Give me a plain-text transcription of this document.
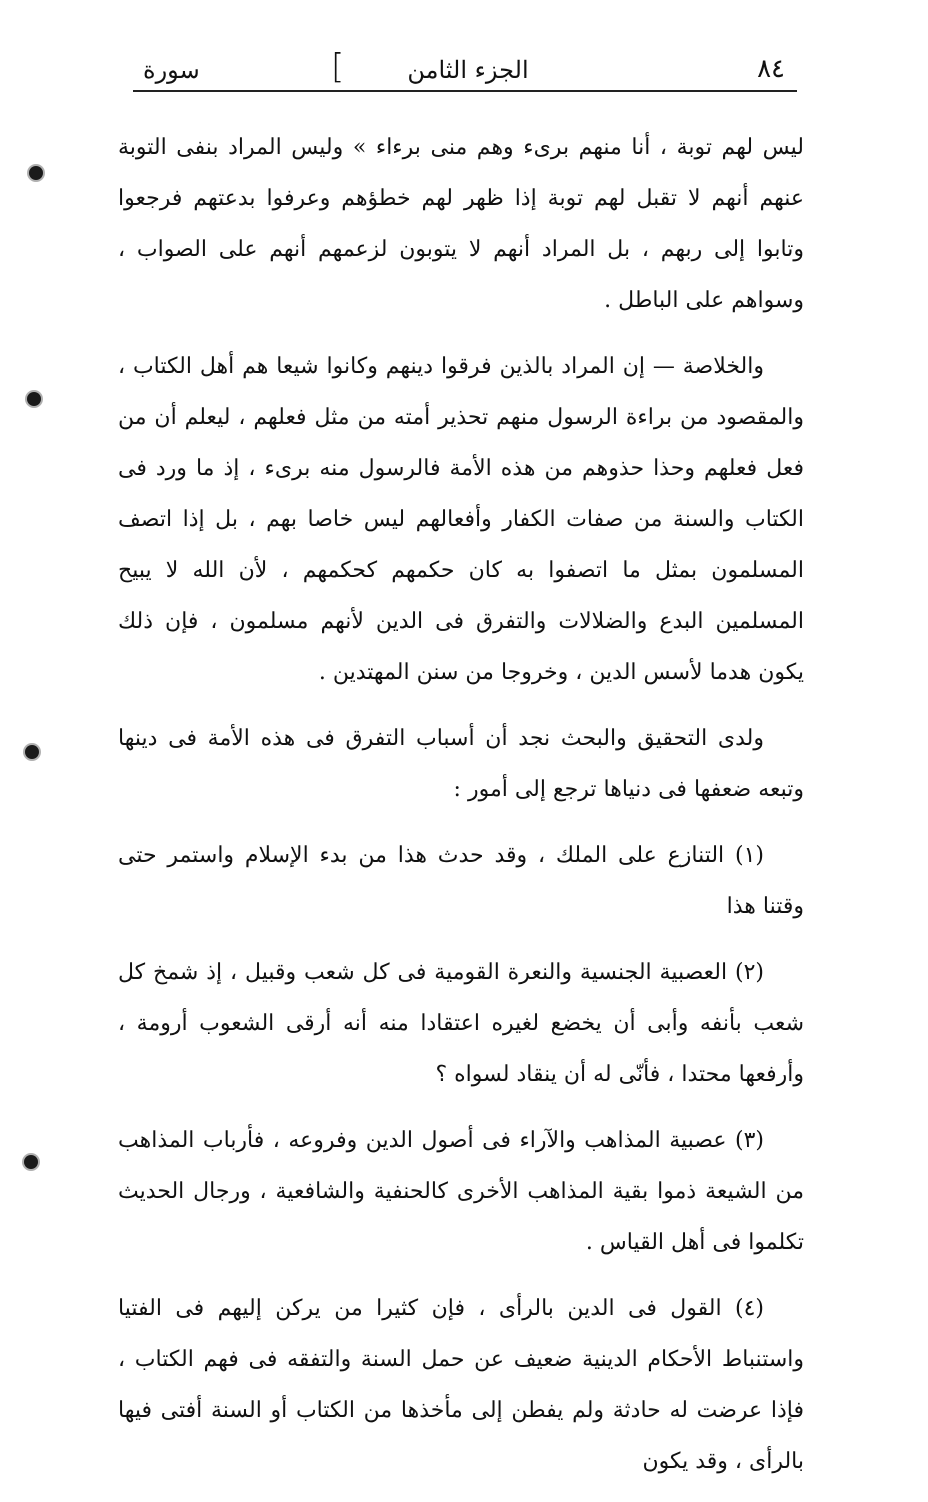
سورة	[	الجزء الثامن	٨٤

ليس لهم توبة ، أنا منهم برىء وهم منى برءاء » وليس المراد بنفى التوبة عنهم أنهم لا تقبل لهم توبة إذا ظهر لهم خطؤهم وعرفوا بدعتهم فرجعوا وتابوا إلى ربهم ، بل المراد أنهم لا يتوبون لزعمهم أنهم على الصواب ، وسواهم على الباطل .

والخلاصة — إن المراد بالذين فرقوا دينهم وكانوا شيعا هم أهل الكتاب ، والمقصود من براءة الرسول منهم تحذير أمته من مثل فعلهم ، ليعلم أن من فعل فعلهم وحذا حذوهم من هذه الأمة فالرسول منه برىء ، إذ ما ورد فى الكتاب والسنة من صفات الكفار وأفعالهم ليس خاصا بهم ، بل إذا اتصف المسلمون بمثل ما اتصفوا به كان حكمهم كحكمهم ، لأن الله لا يبيح المسلمين البدع والضلالات والتفرق فى الدين لأنهم مسلمون ، فإن ذلك يكون هدما لأسس الدين ، وخروجا من سنن المهتدين .

ولدى التحقيق والبحث نجد أن أسباب التفرق فى هذه الأمة فى دينها وتبعه ضعفها فى دنياها ترجع إلى أمور :

(١) التنازع على الملك ، وقد حدث هذا من بدء الإسلام واستمر حتى وقتنا هذا

(٢) العصبية الجنسية والنعرة القومية فى كل شعب وقبيل ، إذ شمخ كل شعب بأنفه وأبى أن يخضع لغيره اعتقادا منه أنه أرقى الشعوب أرومة ، وأرفعها محتدا ، فأنّى له أن ينقاد لسواه ؟

(٣) عصبية المذاهب والآراء فى أصول الدين وفروعه ، فأرباب المذاهب من الشيعة ذموا بقية المذاهب الأخرى كالحنفية والشافعية ، ورجال الحديث تكلموا فى أهل القياس .

(٤) القول فى الدين بالرأى ، فإن كثيرا من يركن إليهم فى الفتيا واستنباط الأحكام الدينية ضعيف عن حمل السنة والتفقه فى فهم الكتاب ، فإذا عرضت له حادثة ولم يفطن إلى مأخذها من الكتاب أو السنة أفتى فيها بالرأى ، وقد يكون
